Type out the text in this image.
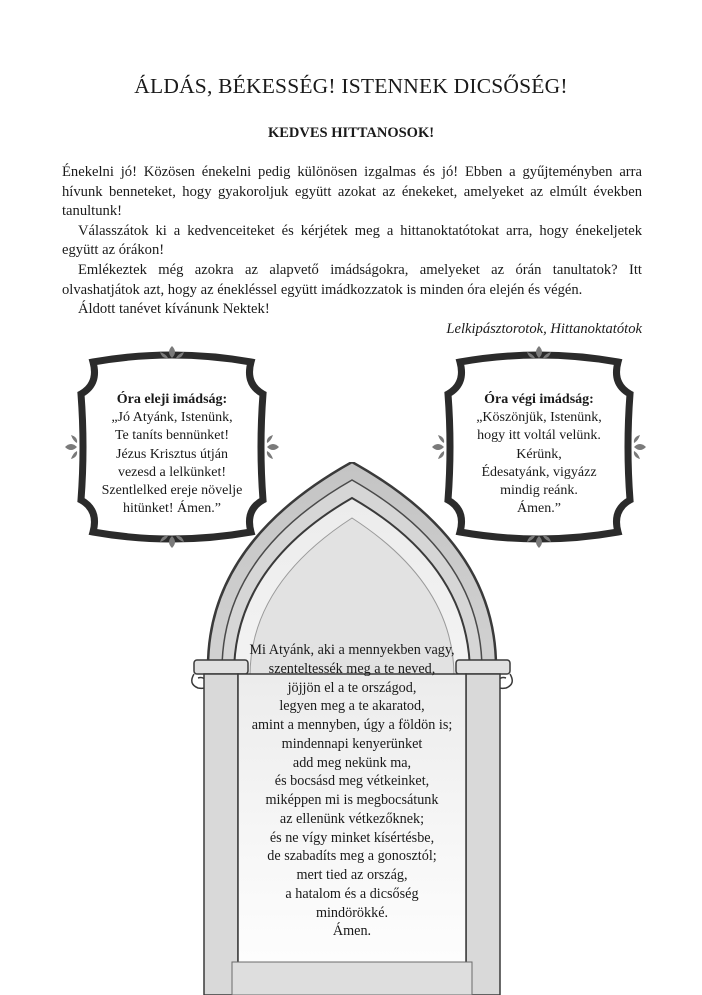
ÁLDÁS, BÉKESSÉG! ISTENNEK DICSŐSÉG!
KEDVES HITTANOSOK!

Énekelni jó! Közösen énekelni pedig különösen izgalmas és jó! Ebben a gyűjteményben arra hívunk benneteket, hogy gyakoroljuk együtt azokat az énekeket, amelyeket az elmúlt években tanultunk!

Válasszátok ki a kedvenceiteket és kérjétek meg a hittanoktatótokat arra, hogy énekeljetek együtt az órákon!

Emlékeztek még azokra az alapvető imádságokra, amelyeket az órán tanultatok? Itt olvashatjátok azt, hogy az énekléssel együtt imádkozzatok is minden óra elején és végén.

Áldott tanévet kívánunk Nektek!

Lelkipásztorotok, Hittanoktatótok

Óra eleji imádság:
„Jó Atyánk, Istenünk,
Te taníts bennünket!
Jézus Krisztus útján
vezesd a lelkünket!
Szentlelked ereje növelje
hitünket! Ámen.”
Óra végi imádság:
„Köszönjük, Istenünk,
hogy itt voltál velünk.
Kérünk,
Édesatyánk, vigyázz
mindig reánk.
Ámen.”
Mi Atyánk, aki a mennyekben vagy,
szenteltessék meg a te neved,
jöjjön el a te országod,
legyen meg a te akaratod,
amint a mennyben, úgy a földön is;
mindennapi kenyerünket
add meg nekünk ma,
és bocsásd meg vétkeinket,
miképpen mi is megbocsátunk
az ellenünk vétkezőknek;
és ne vígy minket kísértésbe,
de szabadíts meg a gonosztól;
mert tied az ország,
a hatalom és a dicsőség
mindörökké.
Ámen.
